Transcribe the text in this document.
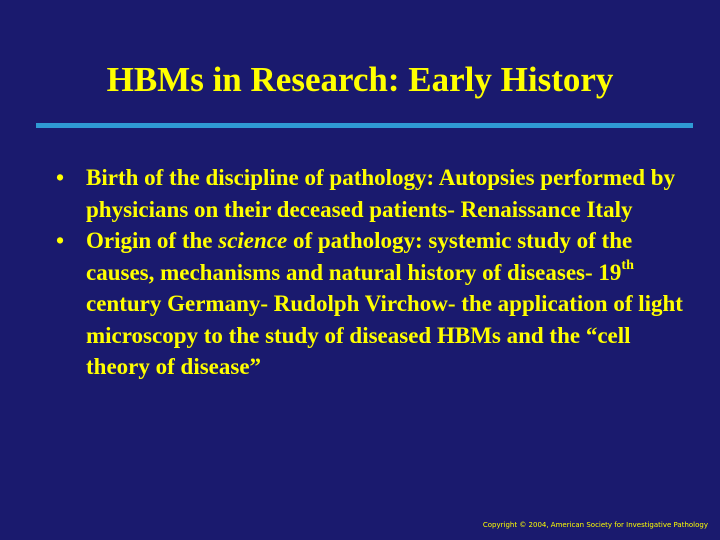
HBMs in Research: Early History
• Birth of the discipline of pathology: Autopsies performed by physicians on their deceased patients- Renaissance Italy
• Origin of the science of pathology: systemic study of the causes, mechanisms and natural history of diseases- 19th century Germany- Rudolph Virchow- the application of light microscopy to the study of diseased HBMs and the “cell theory of disease”
Copyright © 2004, American Society for Investigative Pathology
